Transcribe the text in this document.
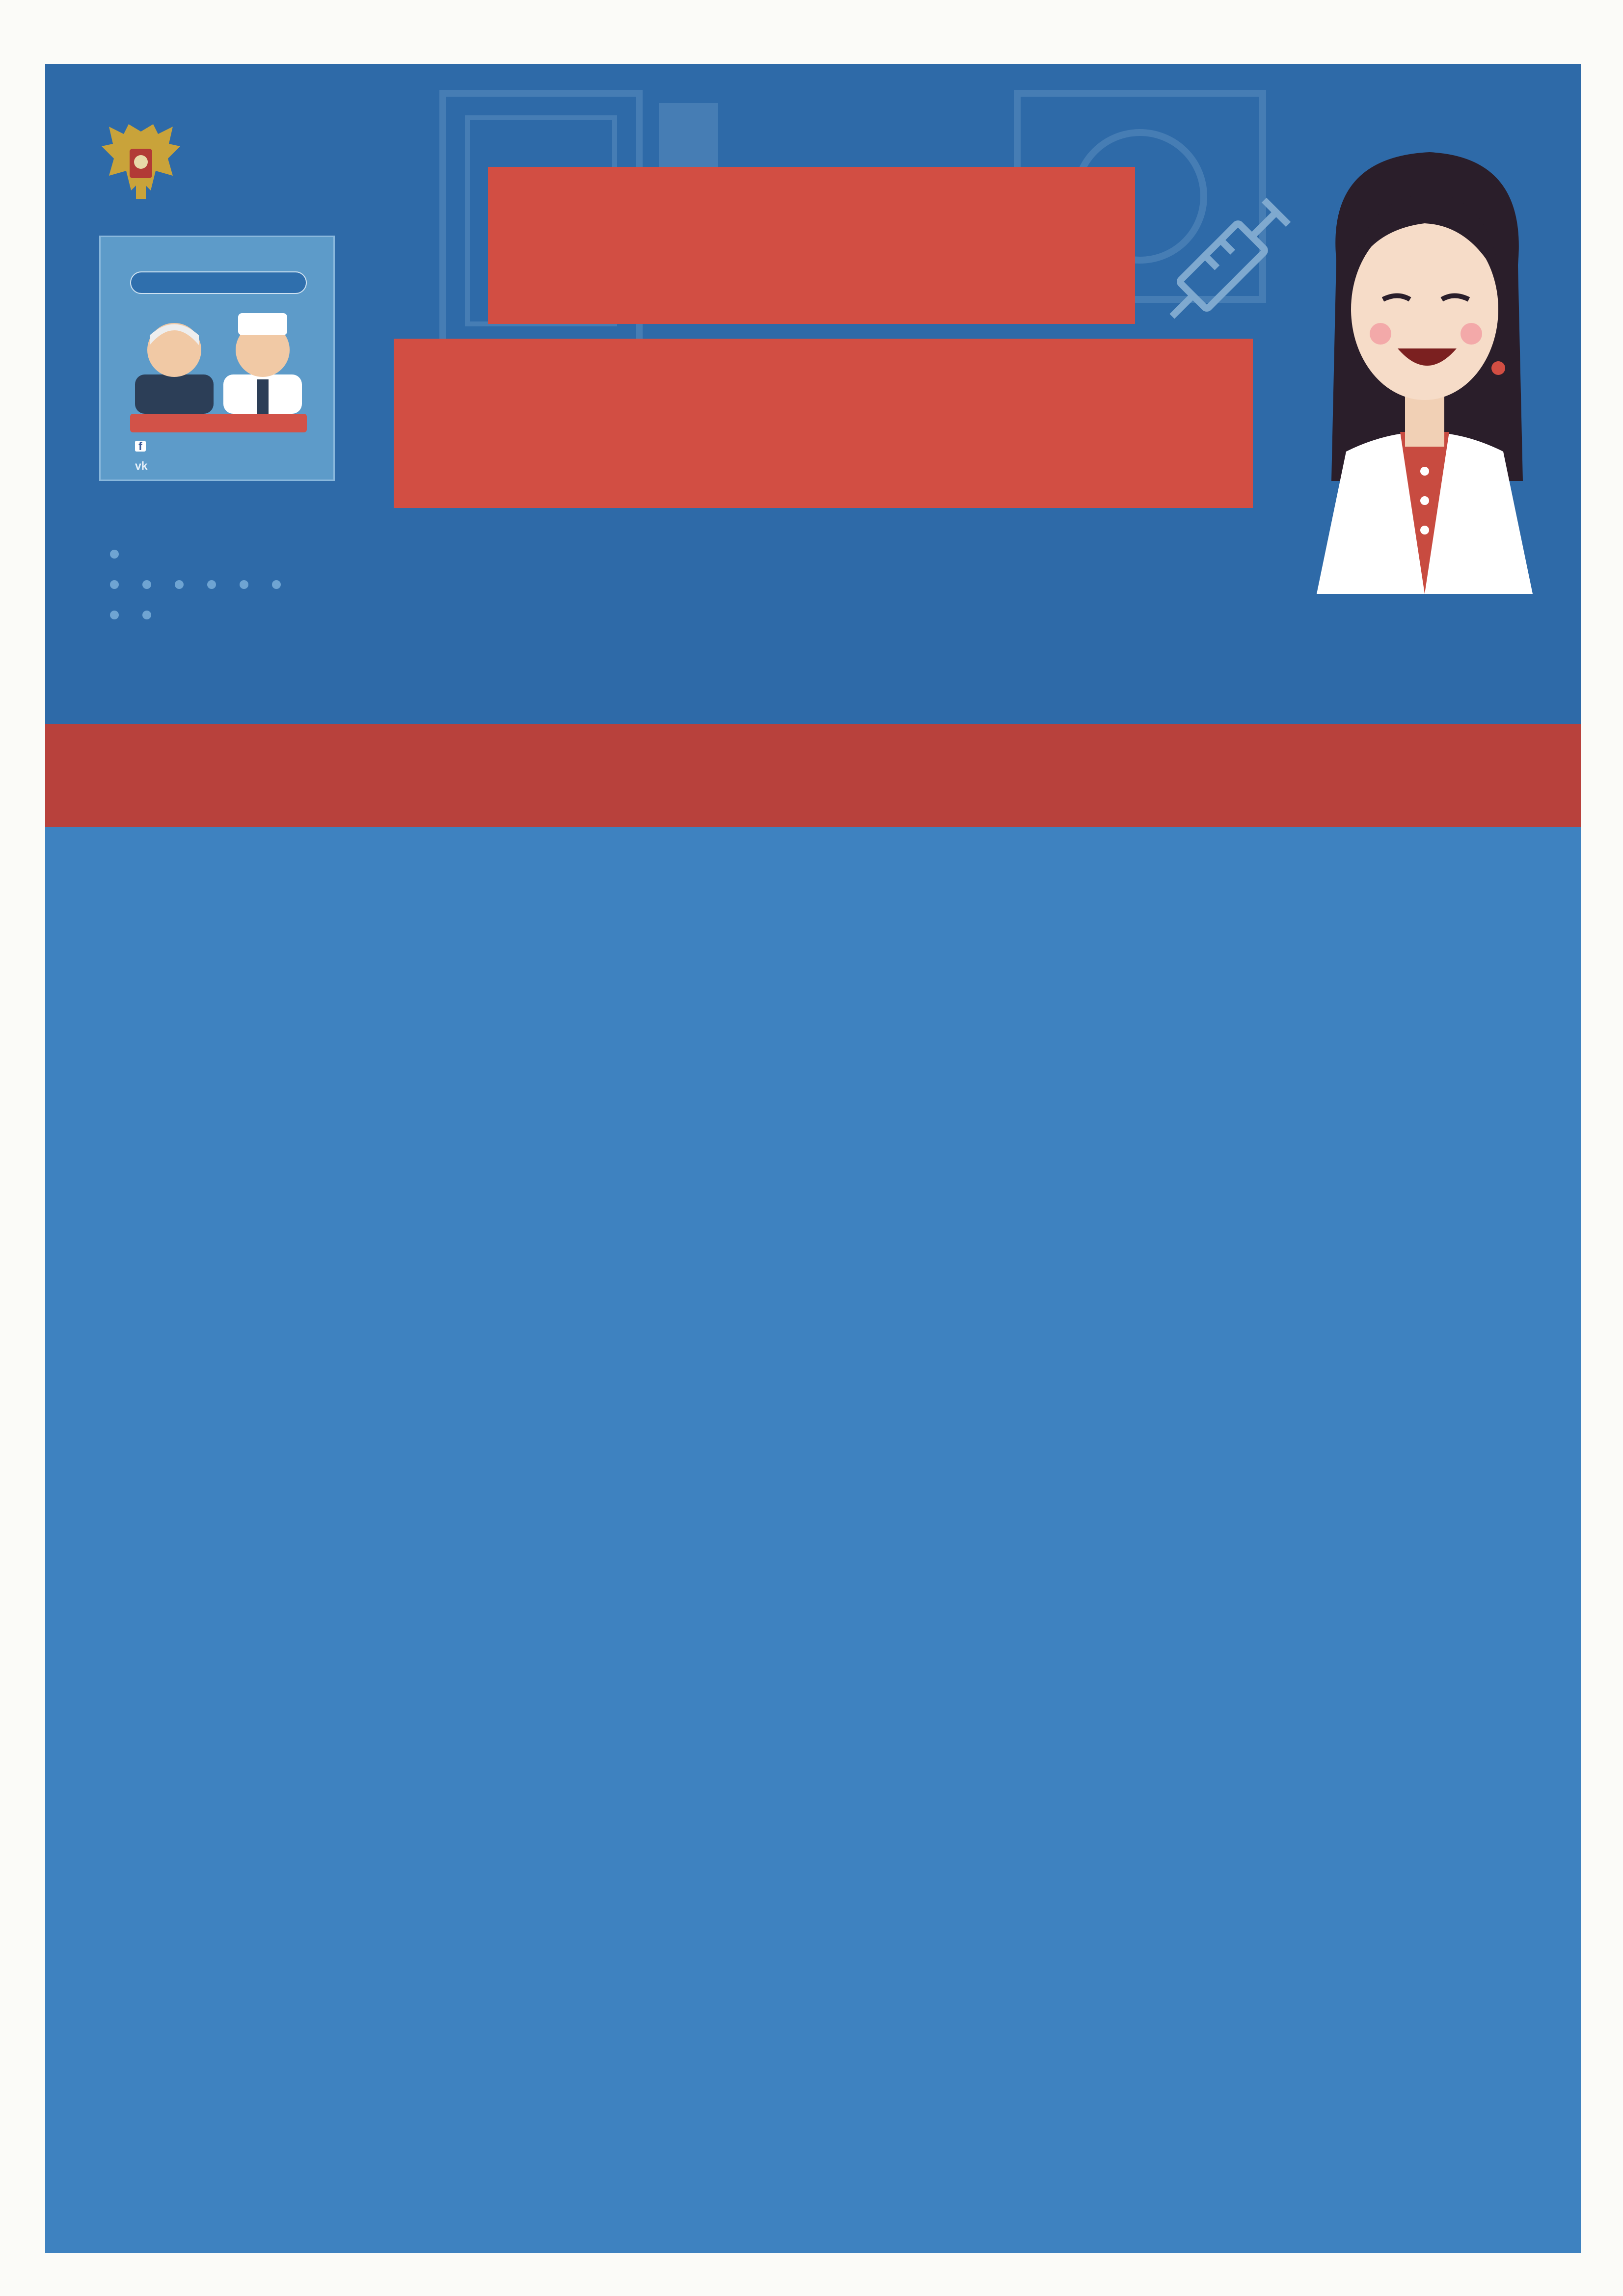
f
vk
